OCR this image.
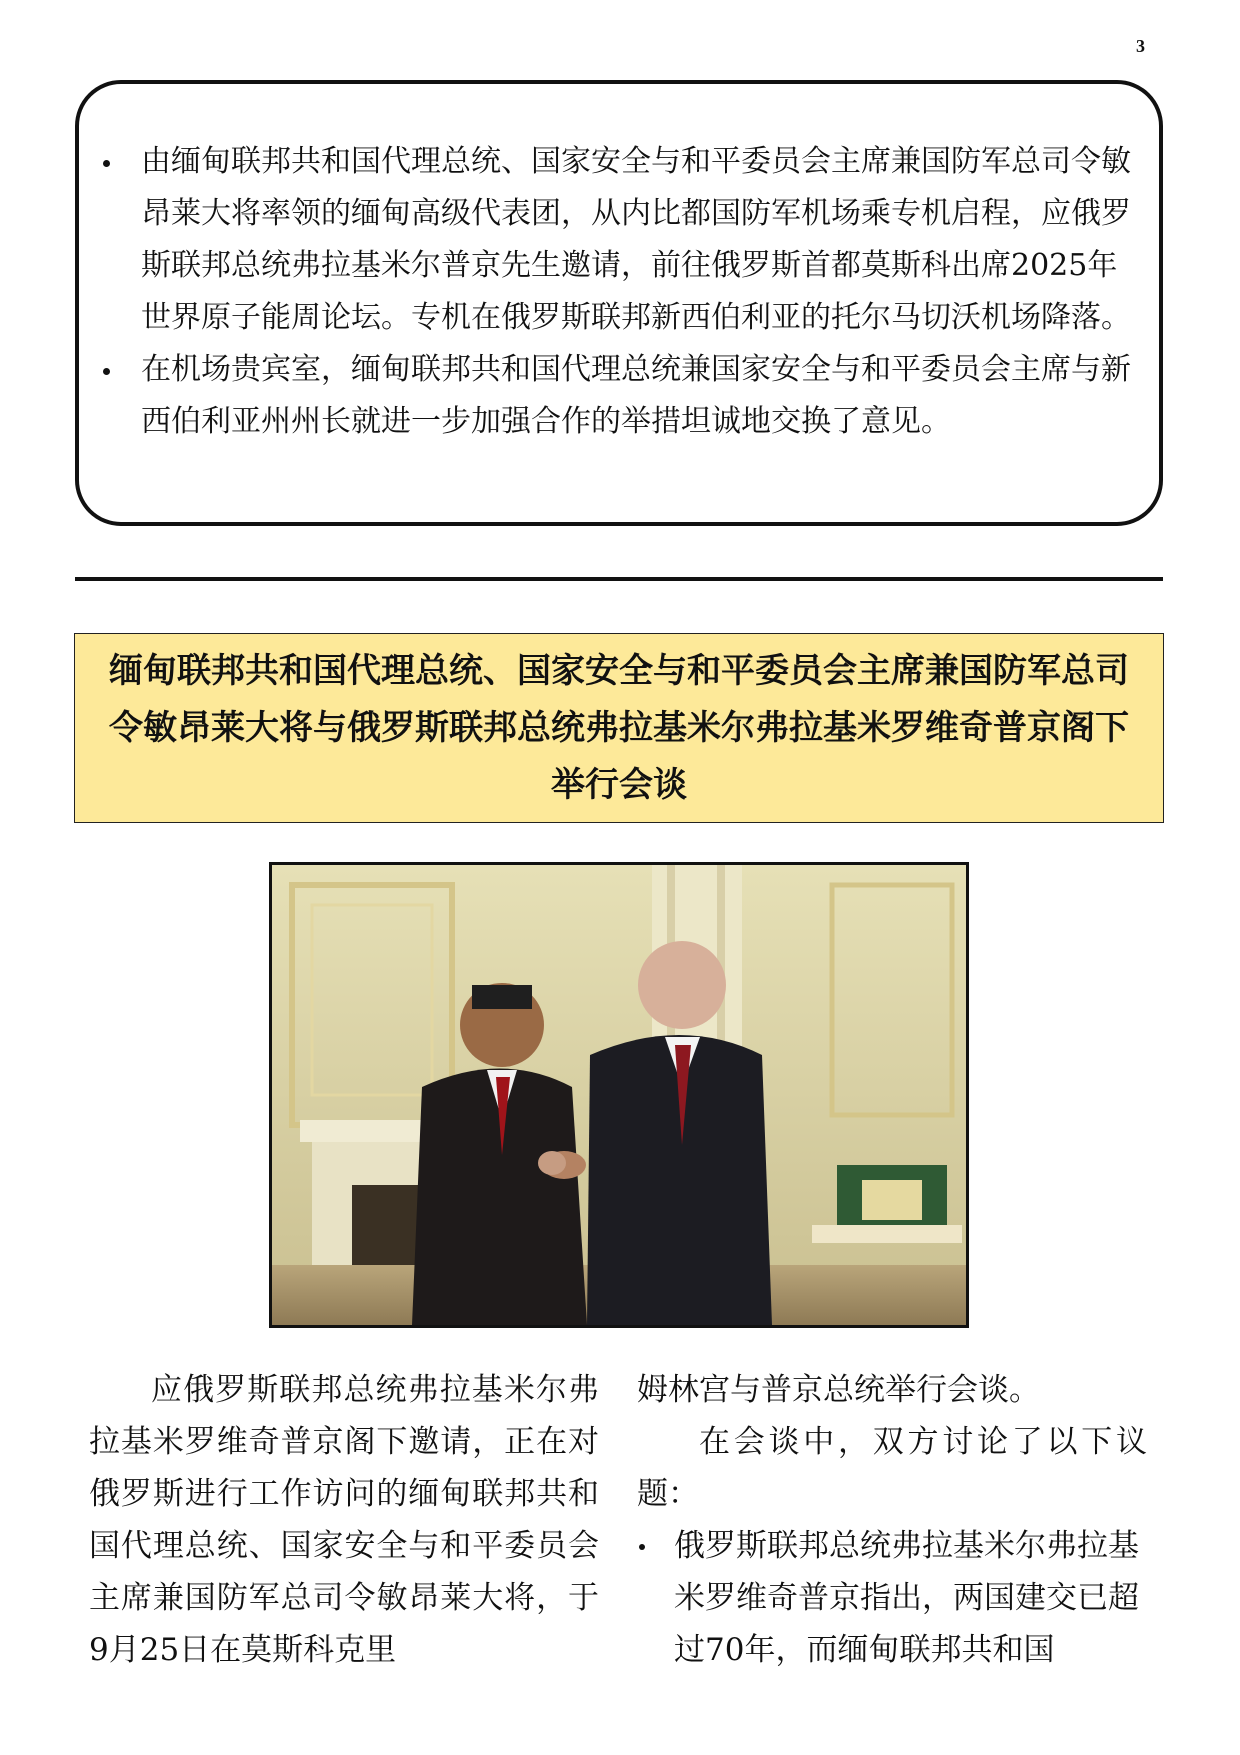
3
由缅甸联邦共和国代理总统、国家安全与和平委员会主席兼国防军总司令敏昂莱大将率领的缅甸高级代表团，从内比都国防军机场乘专机启程，应俄罗斯联邦总统弗拉基米尔普京先生邀请，前往俄罗斯首都莫斯科出席2025年世界原子能周论坛。专机在俄罗斯联邦新西伯利亚的托尔马切沃机场降落。
在机场贵宾室，缅甸联邦共和国代理总统兼国家安全与和平委员会主席与新西伯利亚州州长就进一步加强合作的举措坦诚地交换了意见。
缅甸联邦共和国代理总统、国家安全与和平委员会主席兼国防军总司令敏昂莱大将与俄罗斯联邦总统弗拉基米尔弗拉基米罗维奇普京阁下举行会谈

应俄罗斯联邦总统弗拉基米尔弗拉基米罗维奇普京阁下邀请，正在对俄罗斯进行工作访问的缅甸联邦共和国代理总统、国家安全与和平委员会主席兼国防军总司令敏昂莱大将，于9月25日在莫斯科克里

姆林宫与普京总统举行会谈。

在会谈中，双方讨论了以下议题：

俄罗斯联邦总统弗拉基米尔弗拉基米罗维奇普京指出，两国建交已超过70年，而缅甸联邦共和国
